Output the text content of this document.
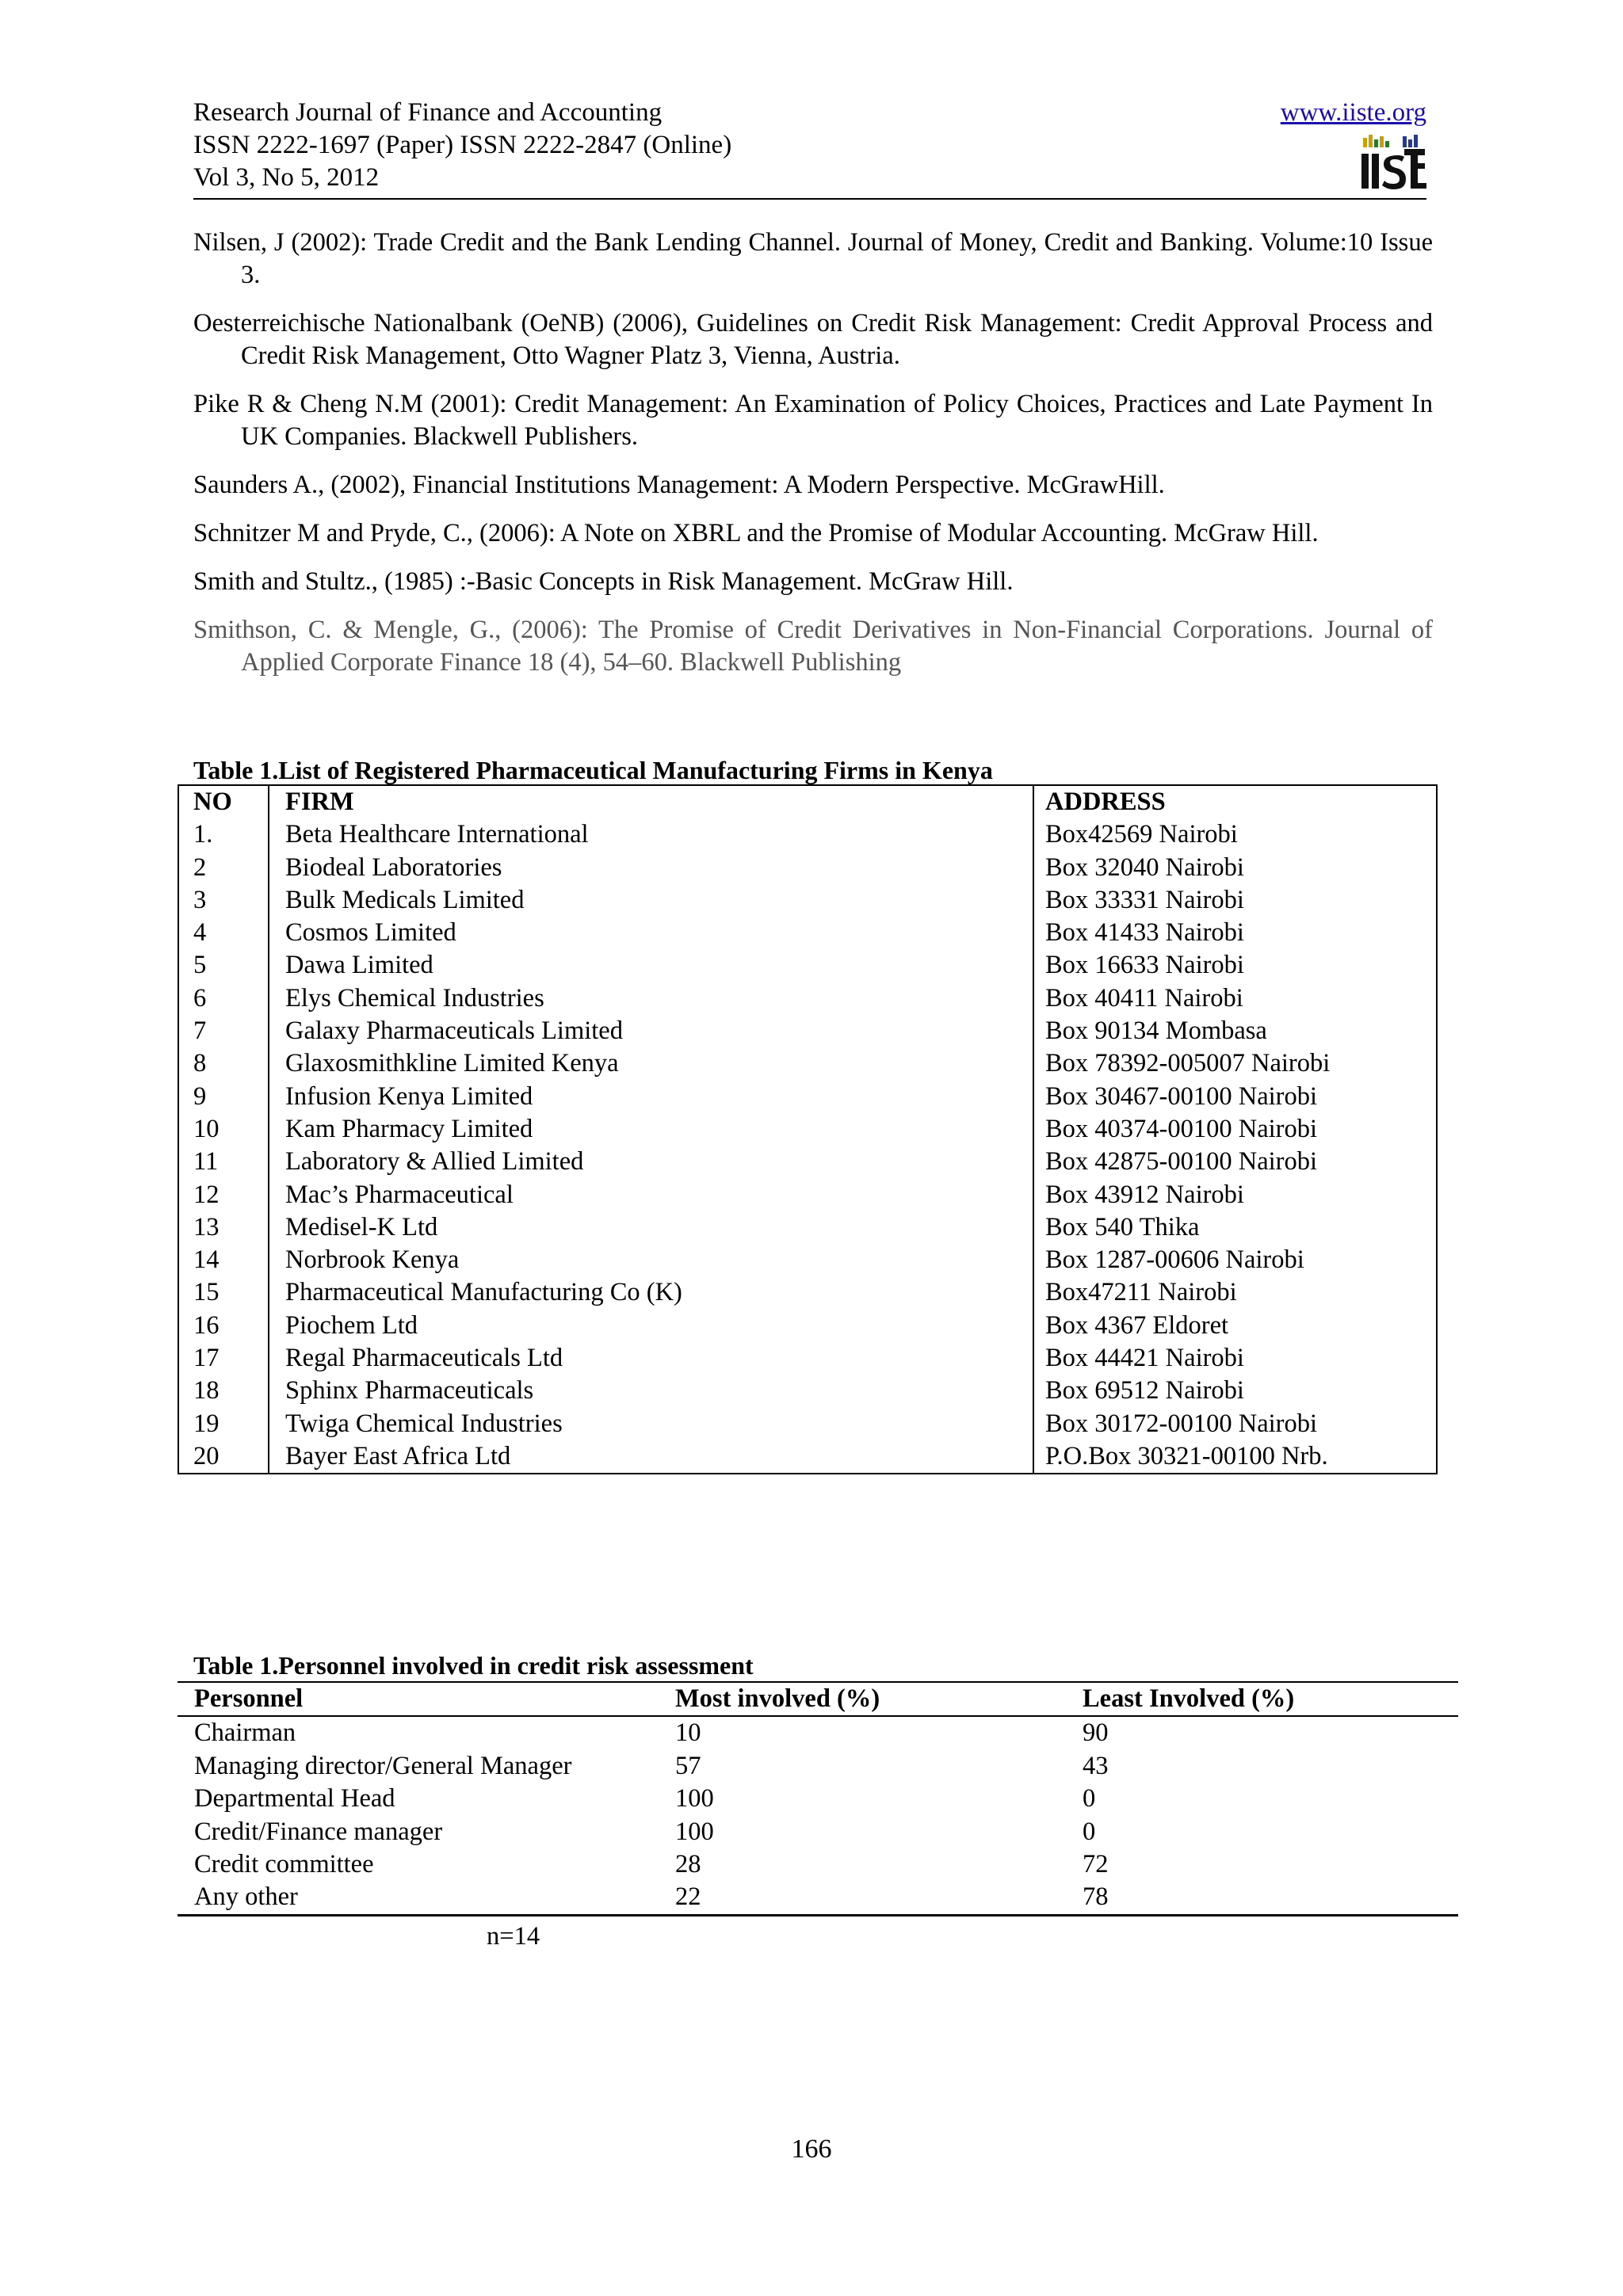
Research Journal of Finance and Accounting
ISSN 2222-1697 (Paper) ISSN 2222-2847 (Online)
Vol 3, No 5, 2012
www.iiste.org
Nilsen, J (2002): Trade Credit and the Bank Lending Channel. Journal of Money, Credit and Banking. Volume:10 Issue 3.
Oesterreichische Nationalbank (OeNB) (2006), Guidelines on Credit Risk Management: Credit Approval Process and Credit Risk Management, Otto Wagner Platz 3, Vienna, Austria.
Pike R & Cheng N.M (2001): Credit Management: An Examination of Policy Choices, Practices and Late Payment In UK Companies. Blackwell Publishers.
Saunders A., (2002), Financial Institutions Management: A Modern Perspective. McGrawHill.
Schnitzer M and Pryde, C., (2006): A Note on XBRL and the Promise of Modular Accounting. McGraw Hill.
Smith and Stultz., (1985) :-Basic Concepts in Risk Management. McGraw Hill.
Smithson, C. & Mengle, G., (2006): The Promise of Credit Derivatives in Non-Financial Corporations. Journal of Applied Corporate Finance 18 (4), 54–60. Blackwell Publishing
Table 1.List of Registered Pharmaceutical Manufacturing Firms in Kenya
NO	FIRM	ADDRESS
1.	Beta Healthcare International	Box42569 Nairobi
2	Biodeal Laboratories	Box 32040 Nairobi
3	Bulk Medicals Limited	Box 33331 Nairobi
4	Cosmos Limited	Box 41433 Nairobi
5	Dawa Limited	Box 16633 Nairobi
6	Elys Chemical Industries	Box 40411 Nairobi
7	Galaxy Pharmaceuticals Limited	Box 90134 Mombasa
8	Glaxosmithkline Limited Kenya	Box 78392-005007 Nairobi
9	Infusion Kenya Limited	Box 30467-00100 Nairobi
10	Kam Pharmacy Limited	Box 40374-00100 Nairobi
11	Laboratory & Allied Limited	Box 42875-00100 Nairobi
12	Mac’s Pharmaceutical	Box 43912 Nairobi
13	Medisel-K Ltd	Box 540 Thika
14	Norbrook Kenya	Box 1287-00606 Nairobi
15	Pharmaceutical Manufacturing Co (K)	Box47211 Nairobi
16	Piochem Ltd	Box 4367 Eldoret
17	Regal Pharmaceuticals Ltd	Box 44421 Nairobi
18	Sphinx Pharmaceuticals	Box 69512 Nairobi
19	Twiga Chemical Industries	Box 30172-00100 Nairobi
20	Bayer East Africa Ltd	P.O.Box 30321-00100 Nrb.
Table 1.Personnel involved in credit risk assessment
Personnel	Most involved (%)	Least Involved (%)
Chairman	10	90
Managing director/General Manager	57	43
Departmental Head	100	0
Credit/Finance manager	100	0
Credit committee	28	72
Any other	22	78
n=14
166
